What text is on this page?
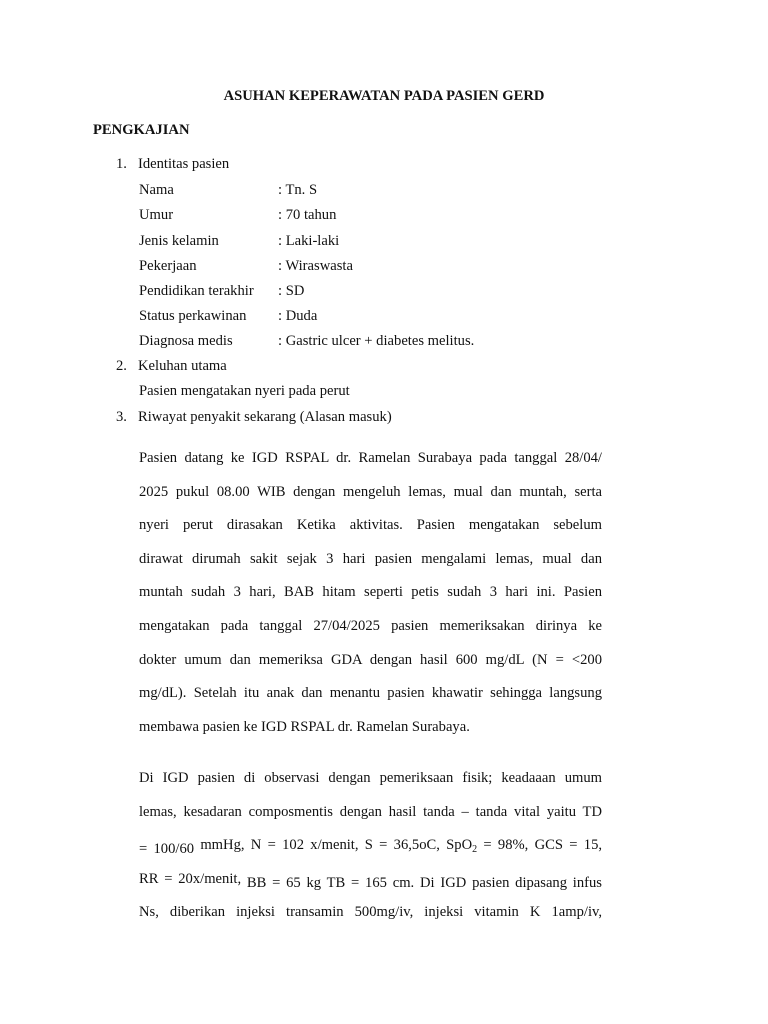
ASUHAN KEPERAWATAN PADA PASIEN GERD
PENGKAJIAN
1. Identitas pasien
Nama	: Tn. S
Umur	: 70 tahun
Jenis kelamin	: Laki-laki
Pekerjaan	: Wiraswasta
Pendidikan terakhir : SD
Status perkawinan : Duda
Diagnosa medis	: Gastric ulcer + diabetes melitus.
2. Keluhan utama
Pasien mengatakan nyeri pada perut
3. Riwayat penyakit sekarang (Alasan masuk)
Pasien datang ke IGD RSPAL dr. Ramelan Surabaya pada tanggal 28/04/
2025 pukul 08.00 WIB dengan mengeluh lemas, mual dan muntah, serta
nyeri perut dirasakan Ketika aktivitas. Pasien mengatakan sebelum
dirawat dirumah sakit sejak 3 hari pasien mengalami lemas, mual dan
muntah sudah 3 hari, BAB hitam seperti petis sudah 3 hari ini. Pasien
mengatakan pada tanggal 27/04/2025 pasien memeriksakan dirinya ke
dokter umum dan memeriksa GDA dengan hasil 600 mg/dL (N = <200
mg/dL). Setelah itu anak dan menantu pasien khawatir sehingga langsung
membawa pasien ke IGD RSPAL dr. Ramelan Surabaya.
Di IGD pasien di observasi dengan pemeriksaan fisik; keadaaan umum
lemas, kesadaran composmentis dengan hasil tanda – tanda vital yaitu TD
= 100/60 mmHg, N = 102 x/menit, S = 36,5oC, SpO$_2$ = 98%, GCS = 15,
RR = 20x/menit, BB = 65 kg TB = 165 cm. Di IGD pasien dipasang infus
Ns, diberikan injeksi transamin 500mg/iv, injeksi vitamin K 1amp/iv,
